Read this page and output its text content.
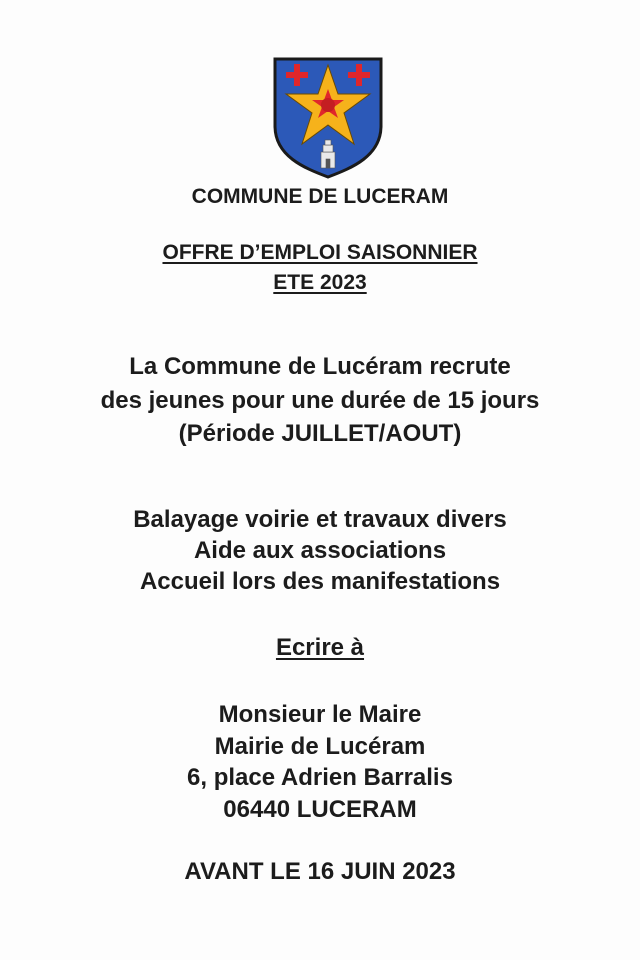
COMMUNE DE LUCERAM
OFFRE D’EMPLOI SAISONNIER
ETE 2023
La Commune de Lucéram recrute
des jeunes pour une durée de 15 jours
(Période JUILLET/AOUT)
Balayage voirie et travaux divers
Aide aux associations
Accueil lors des manifestations
Ecrire à
Monsieur le Maire
Mairie de Lucéram
6, place Adrien Barralis
06440 LUCERAM
AVANT LE 16 JUIN 2023
